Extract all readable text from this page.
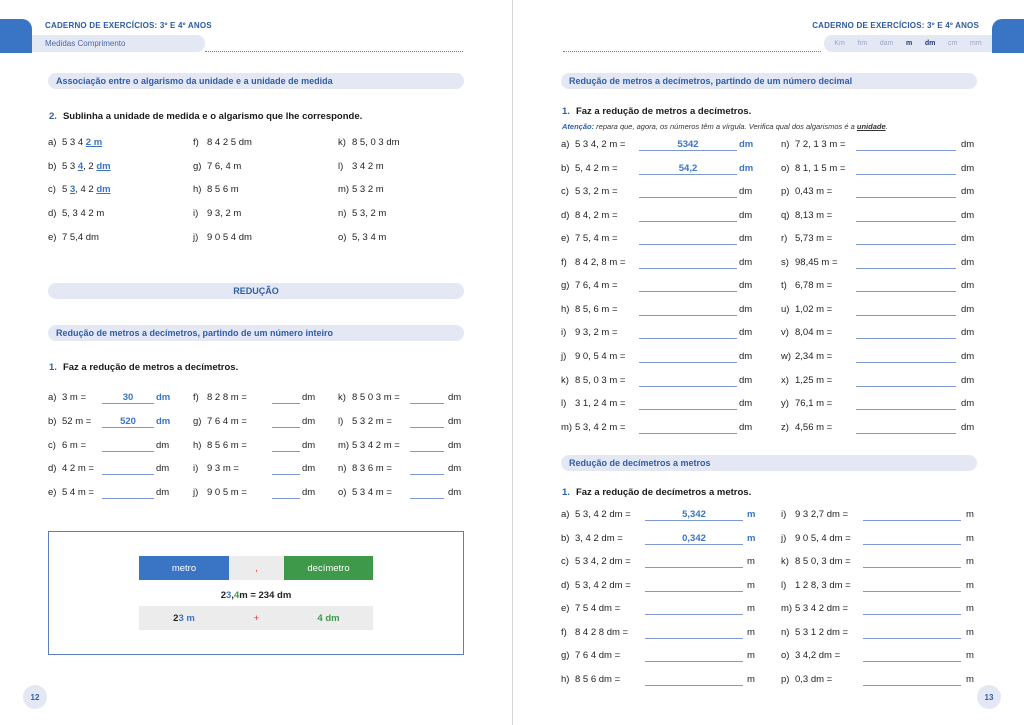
CADERNO DE EXERCÍCIOS: 3º E 4º ANOS
Medidas Comprimento
Associação entre o algarismo da unidade e a unidade de medida
2. Sublinha a unidade de medida e o algarismo que lhe corresponde.
a) 5 3 4 2 m
b) 5 3 4, 2 dm
c) 5 3, 4 2 dm
d) 5, 3 4 2 m
e) 7 5,4 dm
f) 8 4 2 5 dm
g) 7 6, 4 m
h) 8 5 6 m
i) 9 3, 2 m
j) 9 0 5 4 dm
k) 8 5, 0 3 dm
l) 3 4 2 m
m) 5 3 2 m
n) 5 3, 2 m
o) 5, 3 4 m
REDUÇÃO
Redução de metros a decímetros, partindo de um número inteiro
1. Faz a redução de metros a decímetros.
a) 3 m =	30	dm
b) 52 m =	520	dm
c) 6 m =	dm
d) 4 2 m =	dm
e) 5 4 m =	dm
f) 8 2 8 m =	dm
g) 7 6 4 m =	dm
h) 8 5 6 m =	dm
i) 9 3 m =	dm
j) 9 0 5 m =	dm
k) 8 5 0 3 m =	dm
l) 5 3 2 m =	dm
m) 5 3 4 2 m =	dm
n) 8 3 6 m =	dm
o) 5 3 4 m =	dm
metro	,	decímetro
2 3 , 4 m = 234 dm
2 3 m	+	4 dm
12
CADERNO DE EXERCÍCIOS: 3º E 4º ANOS
Km hm dam m dm cm mm
Redução de metros a decímetros, partindo de um número decimal
1. Faz a redução de metros a decímetros.
Atenção: repara que, agora, os números têm a vírgula. Verifica qual dos algarismos é a unidade.
a) 5 3 4, 2 m =	5342	dm
b) 5, 4 2 m =	54,2	dm
c) 5 3, 2 m =	dm
d) 8 4, 2 m =	dm
e) 7 5, 4 m =	dm
f) 8 4 2, 8 m =	dm
g) 7 6, 4 m =	dm
h) 8 5, 6 m =	dm
i) 9 3, 2 m =	dm
j) 9 0, 5 4 m =	dm
k) 8 5, 0 3 m =	dm
l) 3 1, 2 4 m =	dm
m) 5 3, 4 2 m =	dm
n) 7 2, 1 3 m =	dm
o) 8 1, 1 5 m =	dm
p) 0,43 m =	dm
q) 8,13 m =	dm
r) 5,73 m =	dm
s) 98,45 m =	dm
t) 6,78 m =	dm
u) 1,02 m =	dm
v) 8,04 m =	dm
w) 2,34 m =	dm
x) 1,25 m =	dm
y) 76,1 m =	dm
z) 4,56 m =	dm
Redução de decímetros a metros
1. Faz a redução de decímetros a metros.
a) 5 3, 4 2 dm =	5,342	m
b) 3, 4 2 dm =	0,342	m
c) 5 3 4, 2 dm =	m
d) 5 3, 4 2 dm =	m
e) 7 5 4 dm =	m
f) 8 4 2 8 dm =	m
g) 7 6 4 dm =	m
h) 8 5 6 dm =	m
i) 9 3 2,7 dm =	m
j) 9 0 5, 4 dm =	m
k) 8 5 0, 3 dm =	m
l) 1 2 8, 3 dm =	m
m) 5 3 4 2 dm =	m
n) 5 3 1 2 dm =	m
o) 3 4,2 dm =	m
p) 0,3 dm =	m
13
